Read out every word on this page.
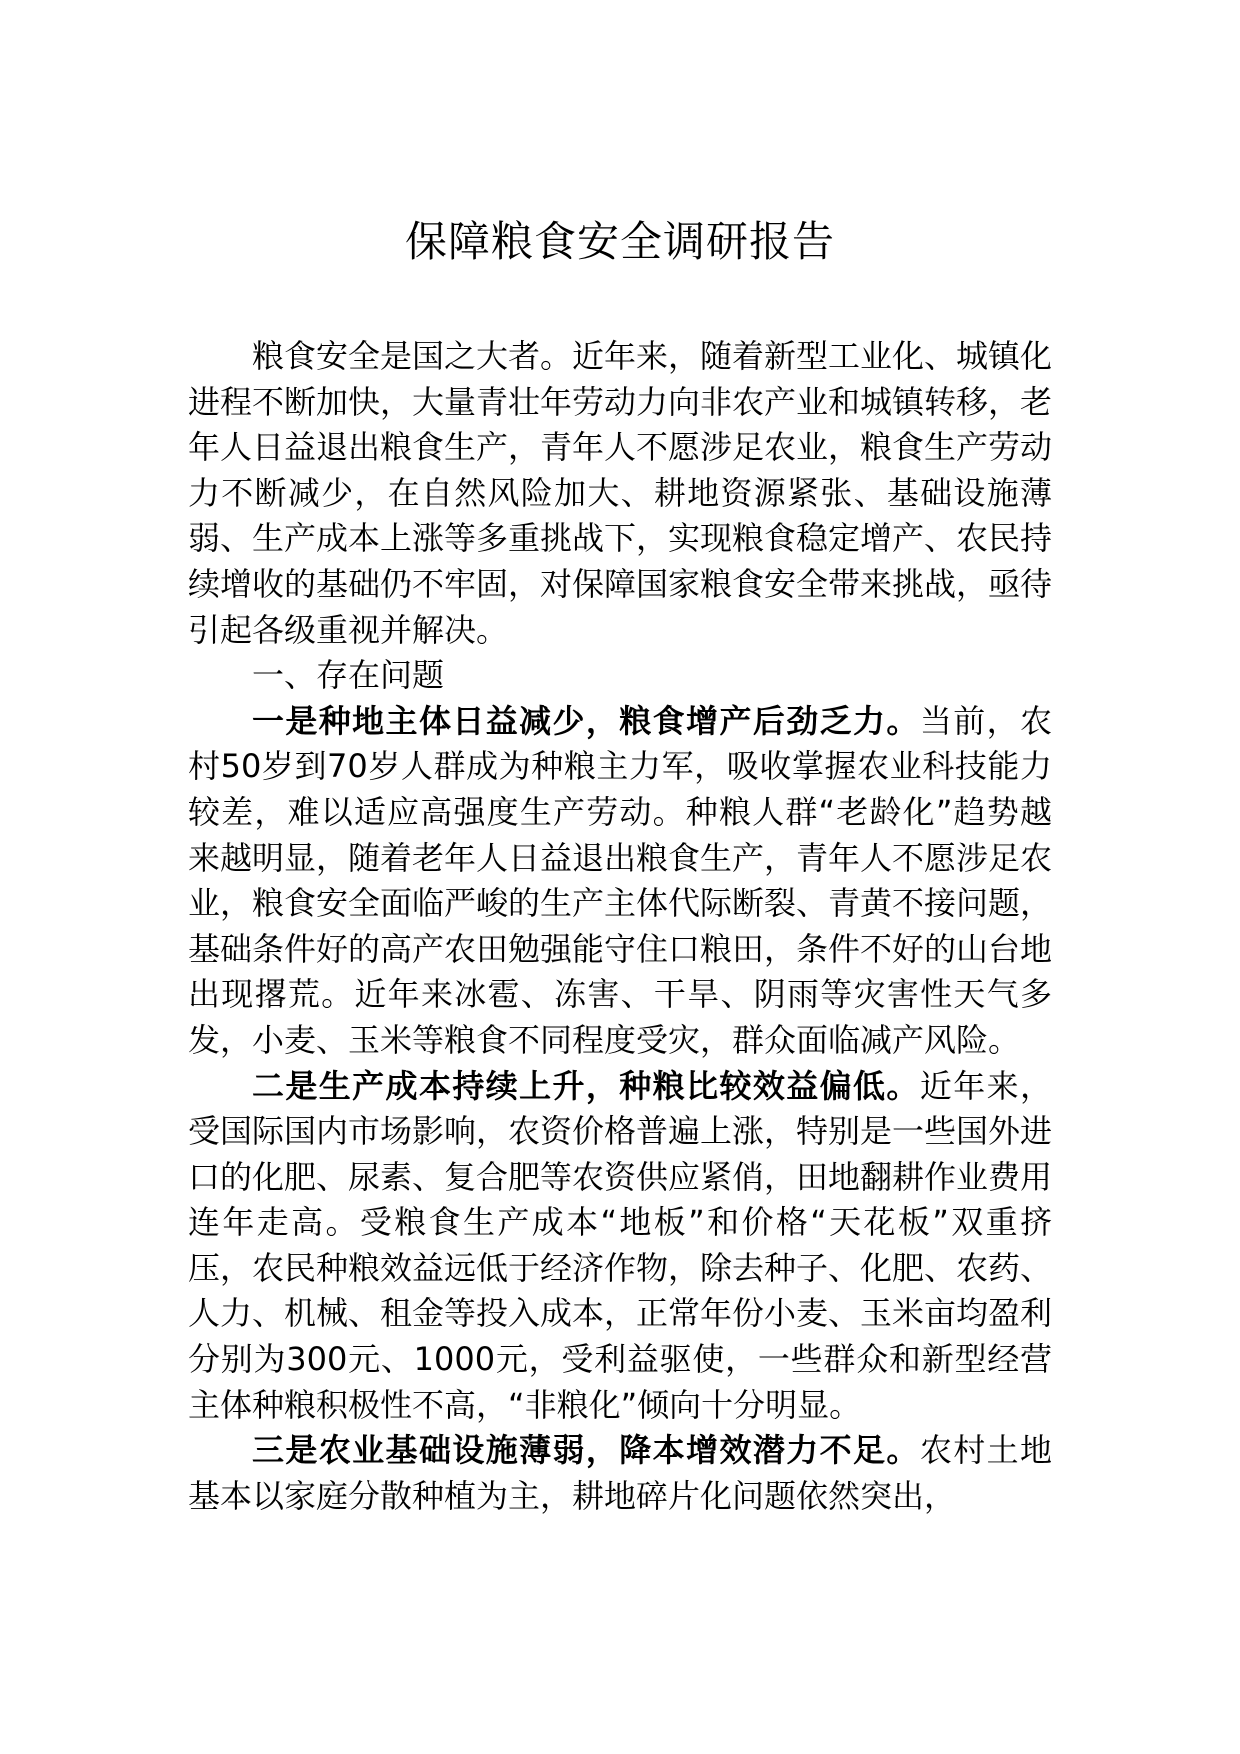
保障粮食安全调研报告

粮食安全是国之大者。近年来，随着新型工业化、城镇化进程不断加快，大量青壮年劳动力向非农产业和城镇转移，老年人日益退出粮食生产，青年人不愿涉足农业，粮食生产劳动力不断减少，在自然风险加大、耕地资源紧张、基础设施薄弱、生产成本上涨等多重挑战下，实现粮食稳定增产、农民持续增收的基础仍不牢固，对保障国家粮食安全带来挑战，亟待引起各级重视并解决。

一、存在问题

一是种地主体日益减少，粮食增产后劲乏力。当前，农村50岁到70岁人群成为种粮主力军，吸收掌握农业科技能力较差，难以适应高强度生产劳动。种粮人群“老龄化”趋势越来越明显，随着老年人日益退出粮食生产，青年人不愿涉足农业，粮食安全面临严峻的生产主体代际断裂、青黄不接问题，基础条件好的高产农田勉强能守住口粮田，条件不好的山台地出现撂荒。近年来冰雹、冻害、干旱、阴雨等灾害性天气多发，小麦、玉米等粮食不同程度受灾，群众面临减产风险。

二是生产成本持续上升，种粮比较效益偏低。近年来，受国际国内市场影响，农资价格普遍上涨，特别是一些国外进口的化肥、尿素、复合肥等农资供应紧俏，田地翻耕作业费用连年走高。受粮食生产成本“地板”和价格“天花板”双重挤压，农民种粮效益远低于经济作物，除去种子、化肥、农药、人力、机械、租金等投入成本，正常年份小麦、玉米亩均盈利分别为300元、1000元，受利益驱使，一些群众和新型经营主体种粮积极性不高，“非粮化”倾向十分明显。

三是农业基础设施薄弱，降本增效潜力不足。农村土地基本以家庭分散种植为主，耕地碎片化问题依然突出，
